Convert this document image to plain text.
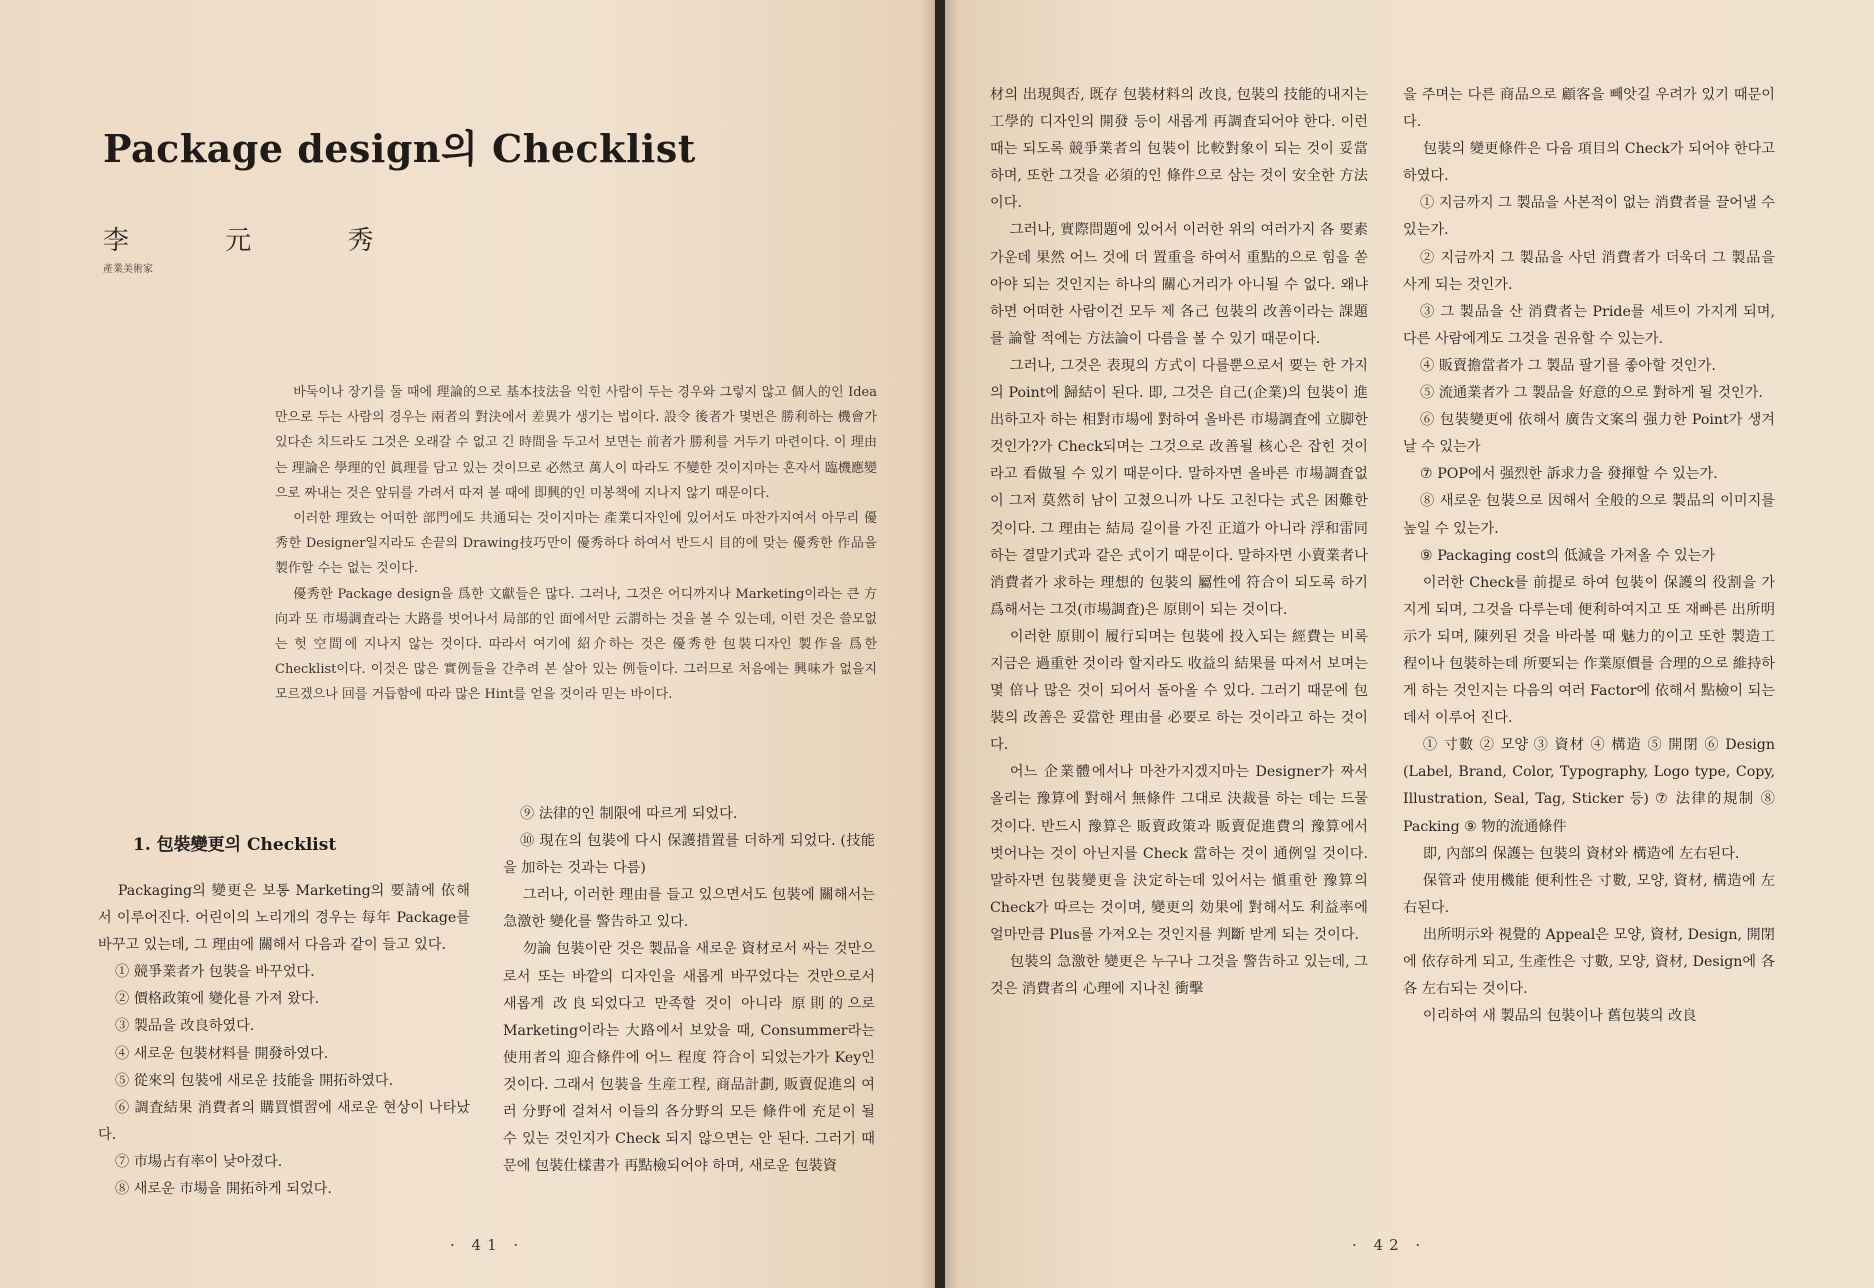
Package design의 Checklist
李 元 秀
產業美術家

바둑이나 장기를 둘 때에 理論的으로 基本技法을 익힌 사람이 두는 경우와 그렇지 않고 個人的인 Idea만으로 두는 사람의 경우는 兩者의 對決에서 差異가 생기는 법이다. 設令 後者가 몇번은 勝利하는 機會가 있다손 치드라도 그것은 오래갈 수 없고 긴 時間을 두고서 보면는 前者가 勝利를 거두기 마련이다. 이 理由는 理論은 學理的인 眞理를 담고 있는 것이므로 必然코 萬人이 따라도 不變한 것이지마는 혼자서 臨機應變으로 짜내는 것은 앞뒤를 가려서 따져 볼 때에 即興的인 미봉책에 지나지 않기 때문이다.

이러한 理致는 어떠한 部門에도 共通되는 것이지마는 產業디자인에 있어서도 마찬가지여서 아무리 優秀한 Designer일지라도 손끝의 Drawing技巧만이 優秀하다 하여서 반드시 目的에 맞는 優秀한 作品을 製作할 수는 없는 것이다.

優秀한 Package design을 爲한 文獻들은 많다. 그러나, 그것은 어디까지나 Marketing이라는 큰 方向과 또 市場調査라는 大路를 벗어나서 局部的인 面에서만 云謂하는 것을 볼 수 있는데, 이런 것은 쓸모없는 헛 空間에 지나지 않는 것이다. 따라서 여기에 紹介하는 것은 優秀한 包裝디자인 製作을 爲한 Checklist이다. 이것은 많은 實例들을 간추려 본 살아 있는 例들이다. 그러므로 처음에는 興味가 없을지 모르겠으나 回를 거듭함에 따라 많은 Hint를 얻을 것이라 믿는 바이다.

1. 包裝變更의 Checklist

Packaging의 變更은 보통 Marketing의 要請에 依해서 이루어진다. 어린이의 노리개의 경우는 每年 Package를 바꾸고 있는데, 그 理由에 關해서 다음과 같이 들고 있다.

① 競爭業者가 包裝을 바꾸었다.

② 價格政策에 變化를 가져 왔다.

③ 製品을 改良하였다.

④ 새로운 包裝材料를 開發하였다.

⑤ 從來의 包裝에 새로운 技能을 開拓하였다.

⑥ 調査結果 消費者의 購買慣習에 새로운 현상이 나타났다.

⑦ 市場占有率이 낮아졌다.

⑧ 새로운 市場을 開拓하게 되었다.

⑨ 法律的인 制限에 따르게 되었다.

⑩ 現在의 包裝에 다시 保護措置를 더하게 되었다. (技能을 加하는 것과는 다름)

그러나, 이러한 理由를 들고 있으면서도 包裝에 關해서는 急激한 變化를 警告하고 있다.

勿論 包裝이란 것은 製品을 새로운 資材로서 싸는 것만으로서 또는 바깥의 디자인을 새롭게 바꾸었다는 것만으로서 새롭게 改良되었다고 만족할 것이 아니라 原則的으로 Marketing이라는 大路에서 보았을 때, Consummer라는 使用者의 迎合條件에 어느 程度 符合이 되었는가가 Key인 것이다. 그래서 包裝을 生産工程, 商品計劃, 販賣促進의 여러 分野에 걸쳐서 이들의 各分野의 모든 條件에 充足이 될 수 있는 것인지가 Check 되지 않으면는 안 된다. 그러기 때문에 包裝仕樣書가 再點檢되어야 하며, 새로운 包裝資

· 41 ·

材의 出現與否, 既存 包裝材料의 改良, 包裝의 技能的내지는 工學的 디자인의 開發 등이 새롭게 再調査되어야 한다. 이런 때는 되도록 競爭業者의 包裝이 比較對象이 되는 것이 妥當하며, 또한 그것을 必須的인 條件으로 삼는 것이 安全한 方法이다.

그러나, 實際問題에 있어서 이러한 위의 여러가지 各 要素 가운데 果然 어느 것에 더 置重을 하여서 重點的으로 힘을 쏟아야 되는 것인지는 하나의 關心거리가 아니될 수 없다. 왜냐하면 어떠한 사람이건 모두 제 各己 包裝의 改善이라는 課題를 論할 적에는 方法論이 다름을 볼 수 있기 때문이다.

그러나, 그것은 表現의 方式이 다를뿐으로서 要는 한 가지의 Point에 歸結이 된다. 即, 그것은 自己(企業)의 包裝이 進出하고자 하는 相對市場에 對하여 올바른 市場調査에 立脚한 것인가?가 Check되며는 그것으로 改善될 核心은 잡힌 것이라고 看做될 수 있기 때문이다. 말하자면 올바른 市場調査없이 그저 莫然히 남이 고쳤으니까 나도 고친다는 式은 困難한 것이다. 그 理由는 結局 길이를 가진 正道가 아니라 浮和雷同하는 결말기式과 같은 式이기 때문이다. 말하자면 小賣業者나 消費者가 求하는 理想的 包裝의 屬性에 符合이 되도록 하기 爲해서는 그것(市場調査)은 原則이 되는 것이다.

이러한 原則이 履行되며는 包裝에 投入되는 經費는 비록 지금은 過重한 것이라 할지라도 收益의 結果를 따져서 보며는 몇 倍나 많은 것이 되어서 돌아올 수 있다. 그러기 때문에 包裝의 改善은 妥當한 理由를 必要로 하는 것이라고 하는 것이다.

어느 企業體에서나 마찬가지겠지마는 Designer가 짜서 올리는 豫算에 對해서 無條件 그대로 決裁를 하는 데는 드물 것이다. 반드시 豫算은 販賣政策과 販賣促進費의 豫算에서 벗어나는 것이 아닌지를 Check 當하는 것이 通例일 것이다. 말하자면 包裝變更을 決定하는데 있어서는 愼重한 豫算의 Check가 따르는 것이며, 變更의 効果에 對해서도 利益率에 얼마만큼 Plus를 가져오는 것인지를 判斷 받게 되는 것이다.

包裝의 急激한 變更은 누구나 그것을 警告하고 있는데, 그것은 消費者의 心理에 지나친 衝擊

을 주며는 다른 商品으로 顧客을 빼앗길 우려가 있기 때문이다.

包裝의 變更條件은 다음 項目의 Check가 되어야 한다고 하였다.

① 지금까지 그 製品을 사본적이 없는 消費者를 끌어낼 수 있는가.

② 지금까지 그 製品을 사던 消費者가 더욱더 그 製品을 사게 되는 것인가.

③ 그 製品을 산 消費者는 Pride를 세트이 가지게 되며, 다른 사람에게도 그것을 권유할 수 있는가.

④ 販賣擔當者가 그 製品 팔기를 좋아할 것인가.

⑤ 流通業者가 그 製品을 好意的으로 對하게 될 것인가.

⑥ 包裝變更에 依해서 廣告文案의 强力한 Point가 생겨날 수 있는가

⑦ POP에서 强烈한 訴求力을 發揮할 수 있는가.

⑧ 새로운 包裝으로 因해서 全般的으로 製品의 이미지를 높일 수 있는가.

⑨ Packaging cost의 低減을 가져올 수 있는가

이러한 Check를 前提로 하여 包裝이 保護의 役割을 가지게 되며, 그것을 다루는데 便利하여지고 또 재빠른 出所明示가 되며, 陳列된 것을 바라볼 때 魅力的이고 또한 製造工程이나 包裝하는데 所要되는 作業原價를 合理的으로 維持하게 하는 것인지는 다음의 여러 Factor에 依해서 點檢이 되는 데서 이루어 진다.

① 寸數 ② 모양 ③ 資材 ④ 構造 ⑤ 開閉 ⑥ Design (Label, Brand, Color, Typography, Logo type, Copy, Illustration, Seal, Tag, Sticker 등) ⑦ 法律的規制 ⑧ Packing ⑨ 物的流通條件

即, 內部의 保護는 包裝의 資材와 構造에 左右된다.

保管과 使用機能 便利性은 寸數, 모양, 資材, 構造에 左右된다.

出所明示와 視覺的 Appeal은 모양, 資材, Design, 開閉에 依存하게 되고, 生產性은 寸數, 모양, 資材, Design에 各各 左右되는 것이다.

이리하여 새 製品의 包裝이나 舊包裝의 改良

· 42 ·
